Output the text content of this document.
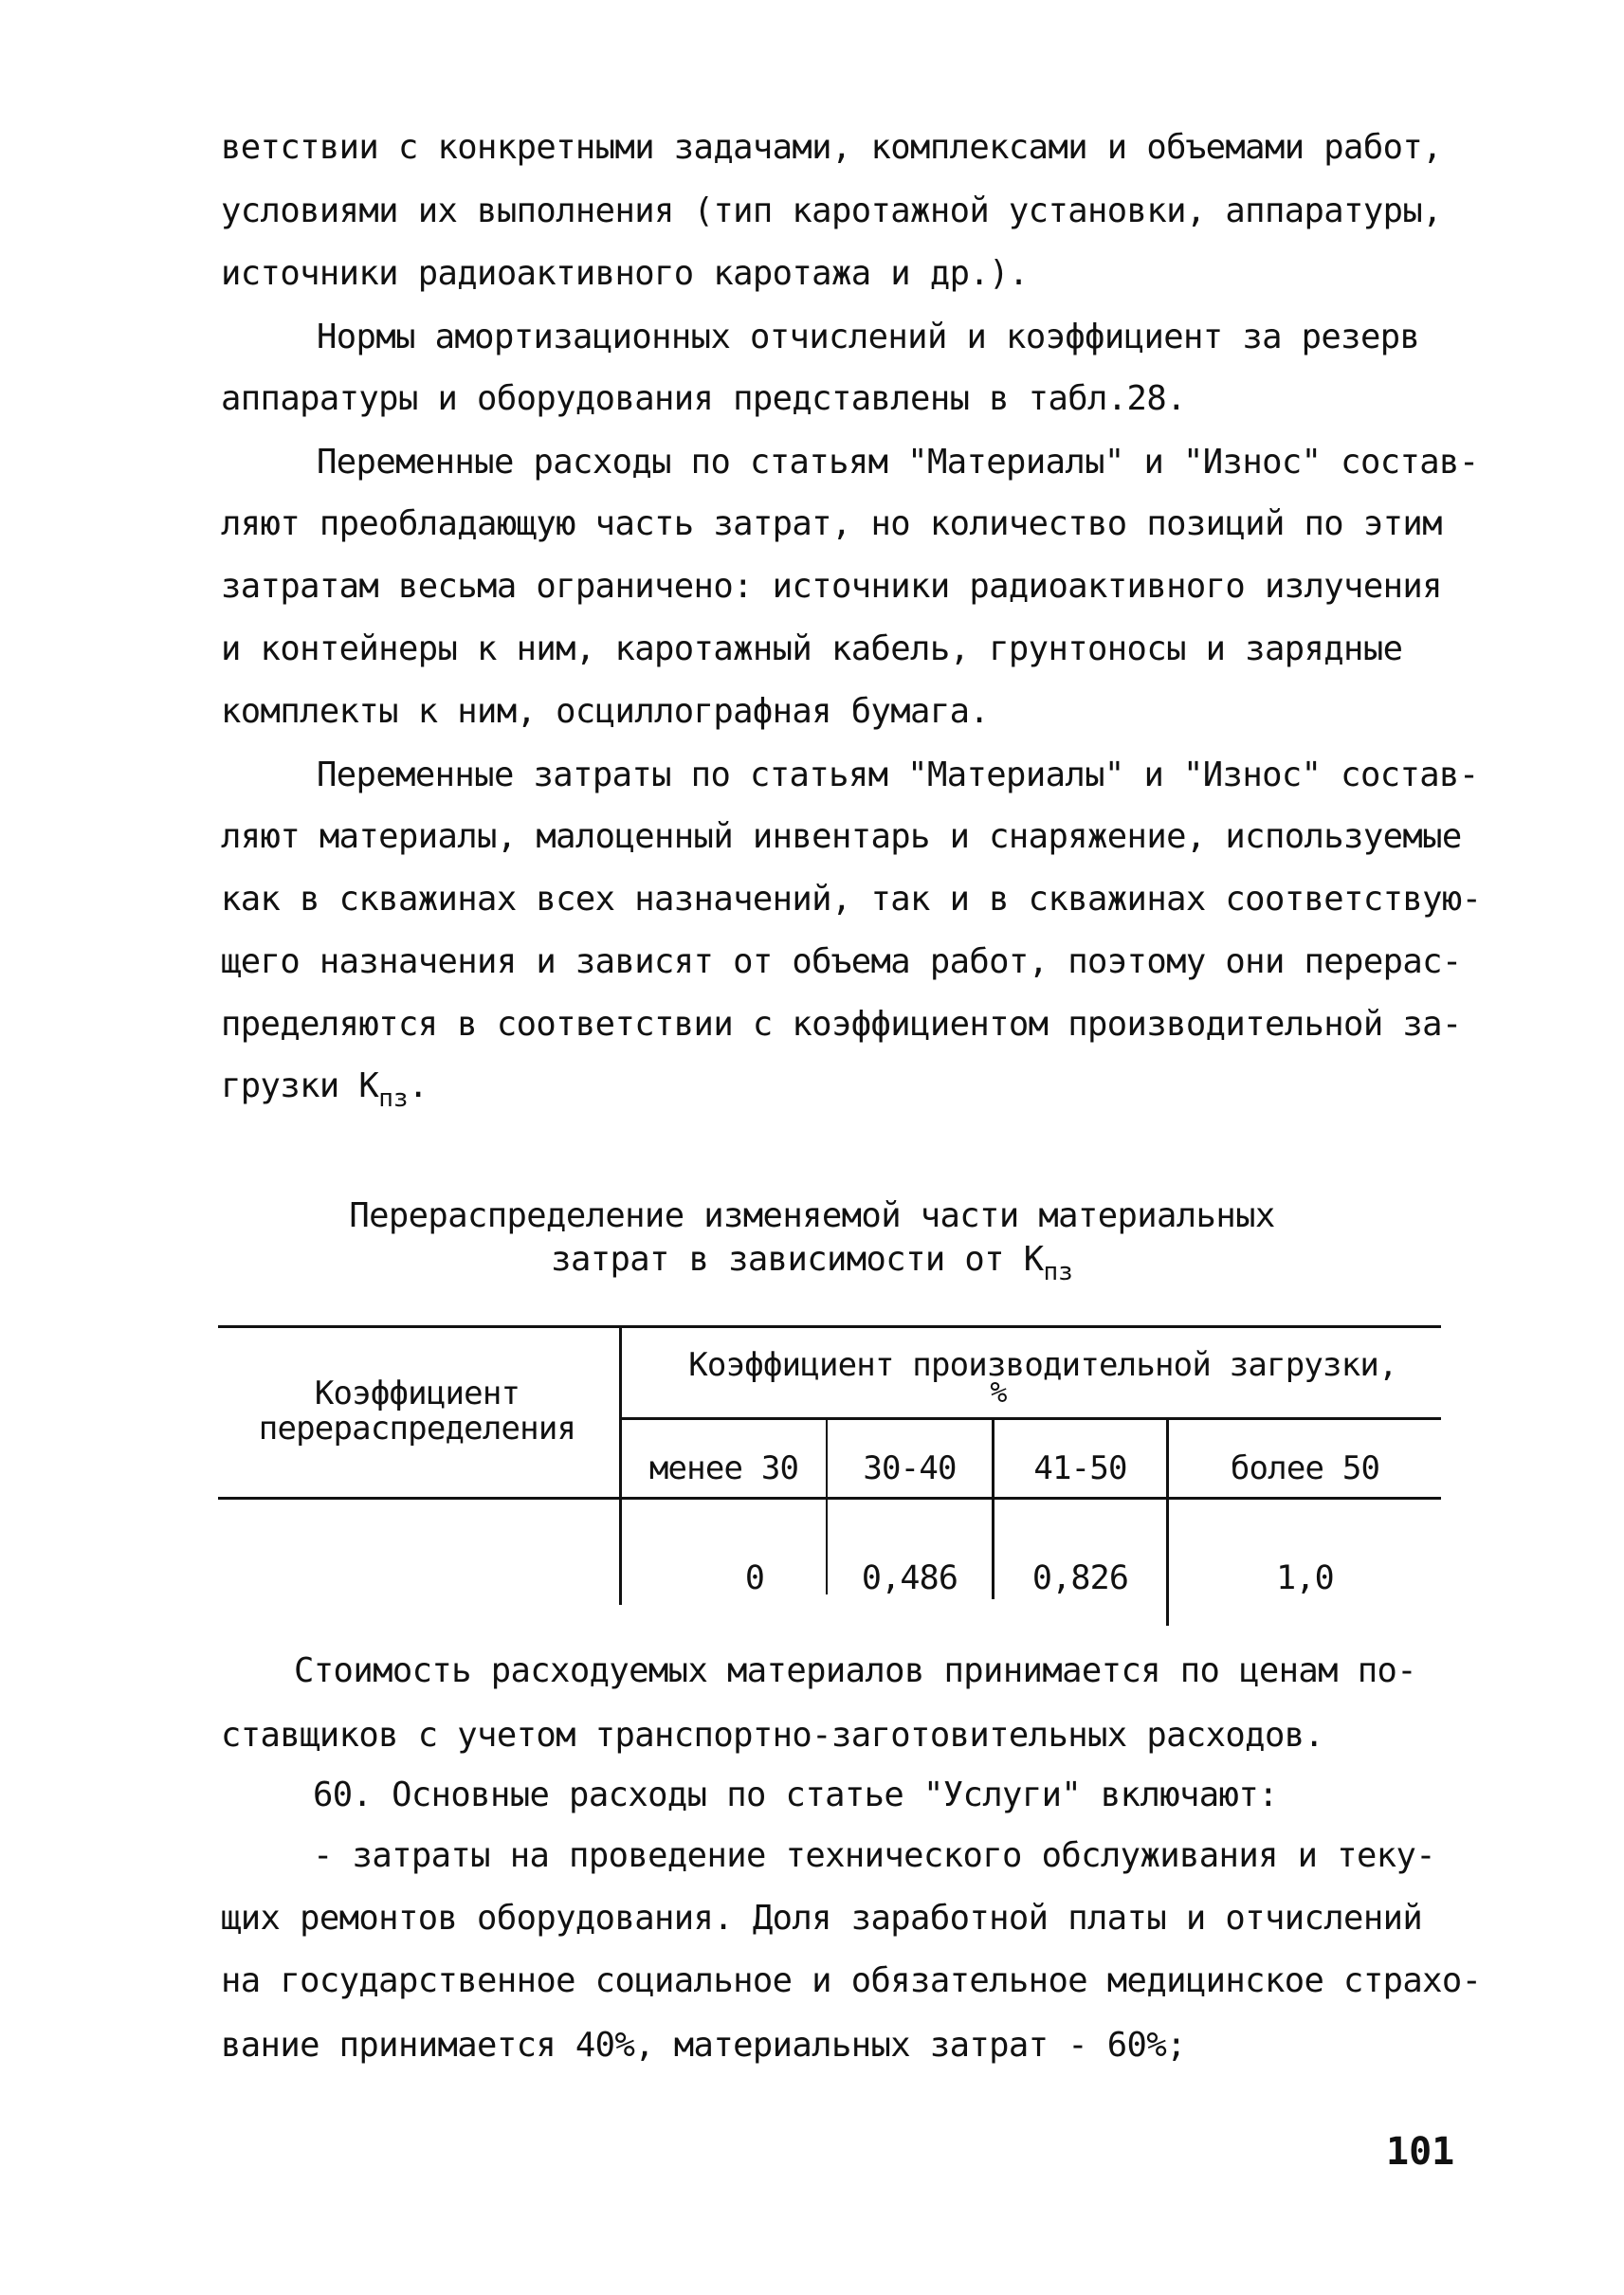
ветствии с конкретными задачами, комплексами и объемами работ,
условиями их выполнения (тип каротажной установки, аппаратуры,
источники радиоактивного каротажа и др.).
Нормы амортизационных отчислений и коэффициент за резерв
аппаратуры и оборудования представлены в табл.28.
Переменные расходы по статьям "Материалы" и "Износ" состав-
ляют преобладающую часть затрат, но количество позиций по этим
затратам весьма ограничено: источники радиоактивного излучения
и контейнеры к ним, каротажный кабель, грунтоносы и зарядные
комплекты к ним, осциллографная бумага.
Переменные затраты по статьям "Материалы" и "Износ" состав-
ляют материалы, малоценный инвентарь и снаряжение, используемые
как в скважинах всех назначений, так и в скважинах соответствую-
щего назначения и зависят от объема работ, поэтому они перерас-
пределяются в соответствии с коэффициентом производительной за-
грузки $К_{пз}$.
Перераспределение изменяемой части материальных
затрат в зависимости от $К_{пз}$
Коэффициент
перераспределения
Коэффициент производительной загрузки,
%
менее 30	30-40	41-50	более 50
0	0,486	0,826	1,0
Стоимость расходуемых материалов принимается по ценам по-
ставщиков с учетом транспортно-заготовительных расходов.
60. Основные расходы по статье "Услуги" включают:
- затраты на проведение технического обслуживания и теку-
щих ремонтов оборудования. Доля заработной платы и отчислений
на государственное социальное и обязательное медицинское страхо-
вание принимается 40%, материальных затрат - 60%;
101
